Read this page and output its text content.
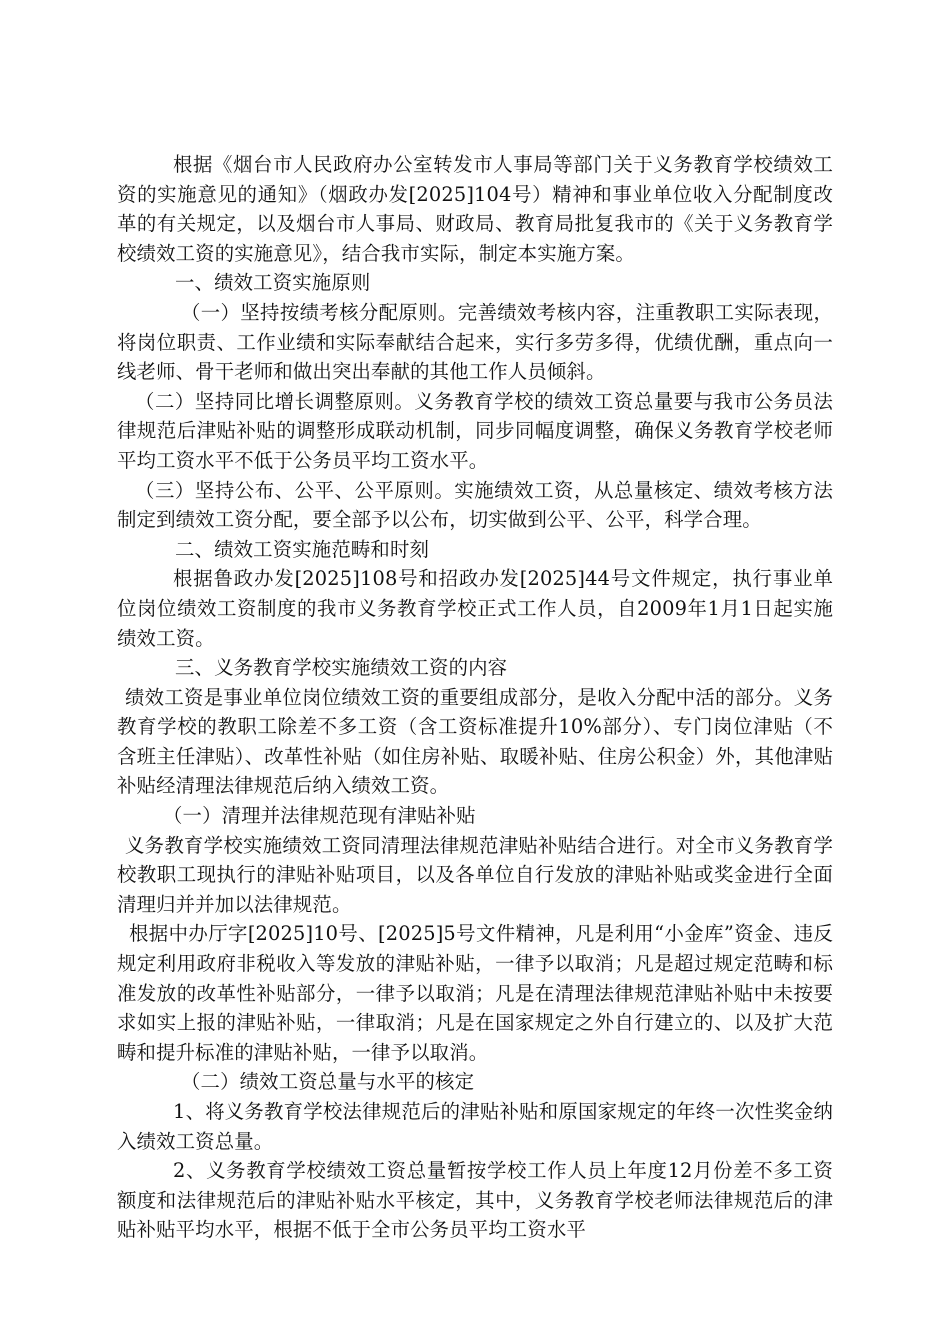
根据《烟台市人民政府办公室转发市人事局等部门关于义务教育学校绩效工资的实施意见的通知》（烟政办发[2025]104号）精神和事业单位收入分配制度改革的有关规定，以及烟台市人事局、财政局、教育局批复我市的《关于义务教育学校绩效工资的实施意见》，结合我市实际，制定本实施方案。

一、绩效工资实施原则

（一）坚持按绩考核分配原则。完善绩效考核内容，注重教职工实际表现，将岗位职责、工作业绩和实际奉献结合起来，实行多劳多得，优绩优酬，重点向一线老师、骨干老师和做出突出奉献的其他工作人员倾斜。

（二）坚持同比增长调整原则。义务教育学校的绩效工资总量要与我市公务员法律规范后津贴补贴的调整形成联动机制，同步同幅度调整，确保义务教育学校老师平均工资水平不低于公务员平均工资水平。

（三）坚持公布、公平、公平原则。实施绩效工资，从总量核定、绩效考核方法制定到绩效工资分配，要全部予以公布，切实做到公平、公平，科学合理。

二、绩效工资实施范畴和时刻

根据鲁政办发[2025]108号和招政办发[2025]44号文件规定，执行事业单位岗位绩效工资制度的我市义务教育学校正式工作人员，自2009年1月1日起实施绩效工资。

三、义务教育学校实施绩效工资的内容

绩效工资是事业单位岗位绩效工资的重要组成部分，是收入分配中活的部分。义务教育学校的教职工除差不多工资（含工资标准提升10%部分）、专门岗位津贴（不含班主任津贴）、改革性补贴（如住房补贴、取暖补贴、住房公积金）外，其他津贴补贴经清理法律规范后纳入绩效工资。

（一）清理并法律规范现有津贴补贴

义务教育学校实施绩效工资同清理法律规范津贴补贴结合进行。对全市义务教育学校教职工现执行的津贴补贴项目，以及各单位自行发放的津贴补贴或奖金进行全面清理归并并加以法律规范。

根据中办厅字[2025]10号、[2025]5号文件精神，凡是利用“小金库”资金、违反规定利用政府非税收入等发放的津贴补贴，一律予以取消；凡是超过规定范畴和标准发放的改革性补贴部分，一律予以取消；凡是在清理法律规范津贴补贴中未按要求如实上报的津贴补贴，一律取消；凡是在国家规定之外自行建立的、以及扩大范畴和提升标准的津贴补贴，一律予以取消。

（二）绩效工资总量与水平的核定

1、将义务教育学校法律规范后的津贴补贴和原国家规定的年终一次性奖金纳入绩效工资总量。

2、义务教育学校绩效工资总量暂按学校工作人员上年度12月份差不多工资额度和法律规范后的津贴补贴水平核定，其中，义务教育学校老师法律规范后的津贴补贴平均水平，根据不低于全市公务员平均工资水平
